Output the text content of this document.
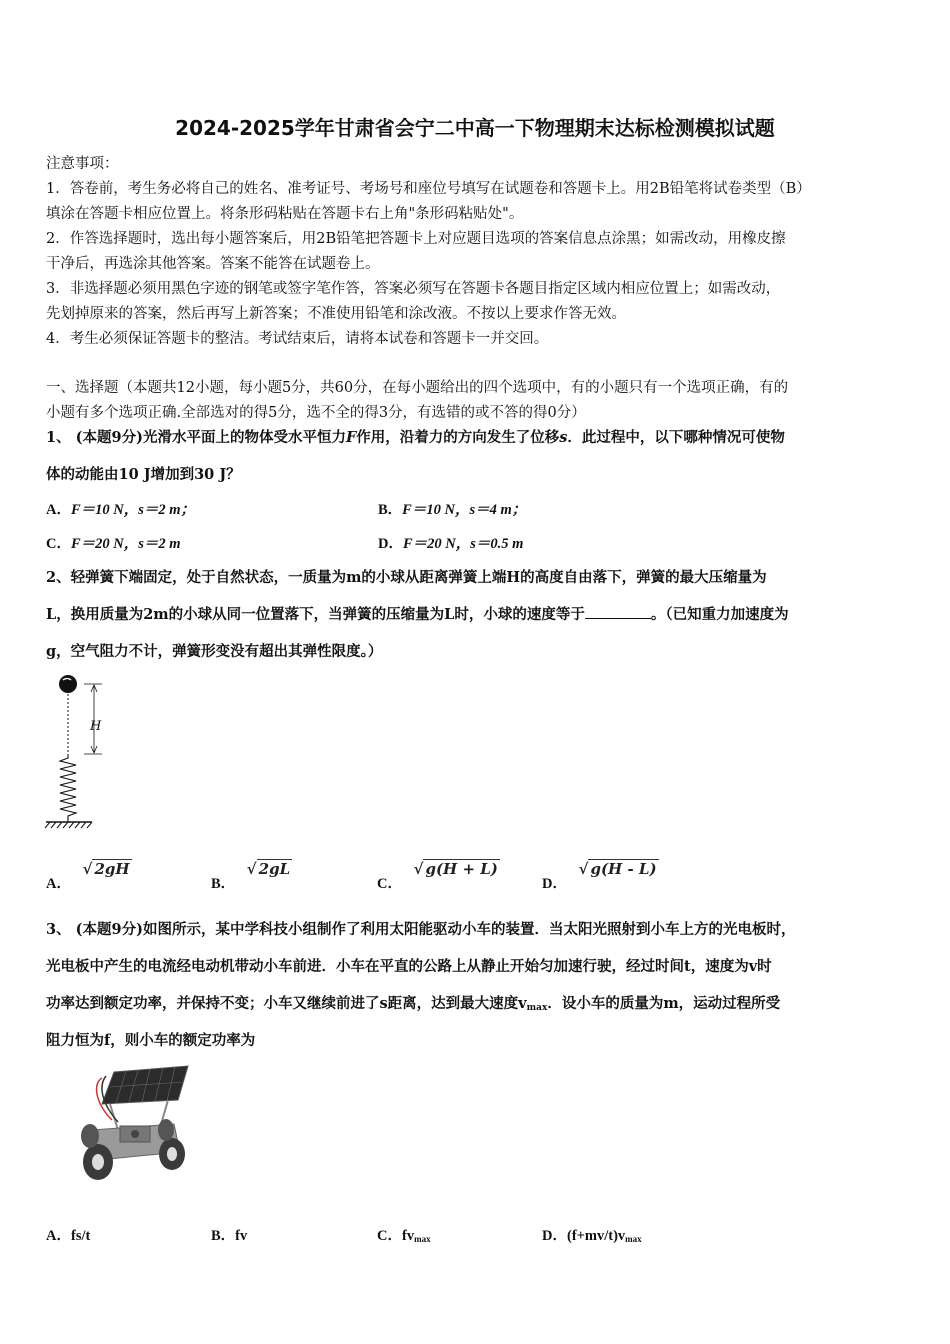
2024-2025学年甘肃省会宁二中高一下物理期末达标检测模拟试题
注意事项：
1．答卷前，考生务必将自己的姓名、准考证号、考场号和座位号填写在试题卷和答题卡上。用2B铅笔将试卷类型（B）
填涂在答题卡相应位置上。将条形码粘贴在答题卡右上角"条形码粘贴处"。
2．作答选择题时，选出每小题答案后，用2B铅笔把答题卡上对应题目选项的答案信息点涂黑；如需改动，用橡皮擦
干净后，再选涂其他答案。答案不能答在试题卷上。
3．非选择题必须用黑色字迹的钢笔或签字笔作答，答案必须写在答题卡各题目指定区域内相应位置上；如需改动，
先划掉原来的答案，然后再写上新答案；不准使用铅笔和涂改液。不按以上要求作答无效。
4．考生必须保证答题卡的整洁。考试结束后，请将本试卷和答题卡一并交回。
一、选择题（本题共12小题，每小题5分，共60分，在每小题给出的四个选项中，有的小题只有一个选项正确，有的
小题有多个选项正确.全部选对的得5分，选不全的得3分，有选错的或不答的得0分）
1、 (本题9分)光滑水平面上的物体受水平恒力F作用，沿着力的方向发生了位移s．此过程中，以下哪种情况可使物
体的动能由10 J增加到30 J？
A．F＝10 N，s＝2 m；	B．F＝10 N，s＝4 m；
C．F＝20 N，s＝2 m	D．F＝20 N，s＝0.5 m
2、轻弹簧下端固定，处于自然状态，一质量为m的小球从距离弹簧上端H的高度自由落下，弹簧的最大压缩量为
L，换用质量为2m的小球从同一位置落下，当弹簧的压缩量为L时，小球的速度等于	。（已知重力加速度为
g，空气阻力不计，弹簧形变没有超出其弹性限度。）
H
A． √ 2gH
B． √ 2gL
C． √ g(H + L)
D． √ g(H - L)
3、 (本题9分)如图所示，某中学科技小组制作了利用太阳能驱动小车的装置．当太阳光照射到小车上方的光电板时，
光电板中产生的电流经电动机带动小车前进．小车在平直的公路上从静止开始匀加速行驶，经过时间t，速度为v时
功率达到额定功率，并保持不变；小车又继续前进了s距离，达到最大速度$v_{max}$．设小车的质量为m，运动过程所受
阻力恒为f，则小车的额定功率为
A．fs/t	B．fv	C．$fv_{max}$	D．$(f+mv/t)v_{max}$
